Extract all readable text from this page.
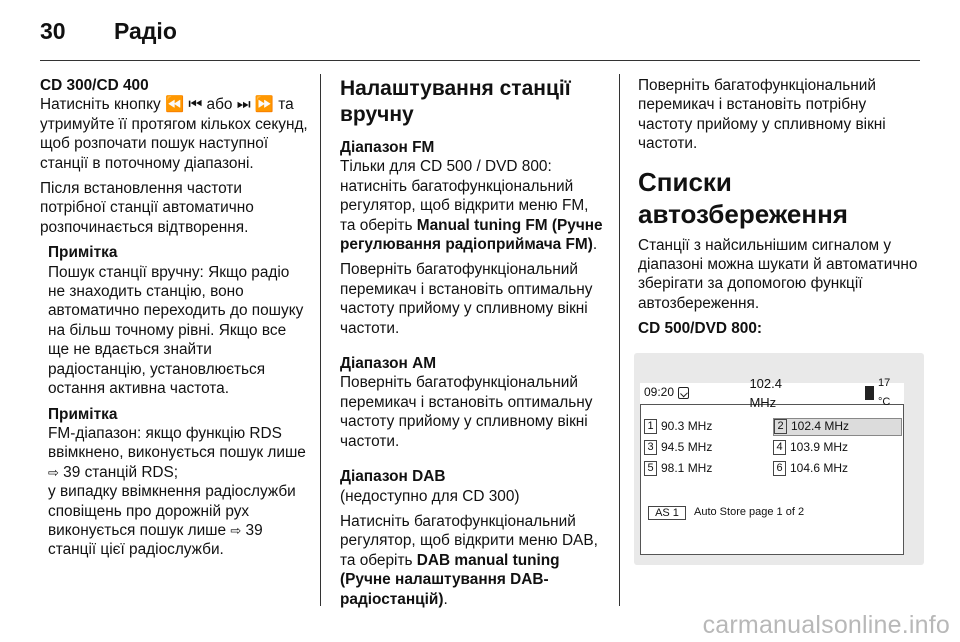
30	Радіо
CD 300/CD 400
Натисніть кнопку ⏪ ⏮ або ⏭ ⏩ та утримуйте її протягом кількох секунд, щоб розпочати пошук наступної станції в поточному діапазоні.
Після встановлення частоти потрібної станції автоматично розпочинається відтворення.
Примітка
Пошук станції вручну: Якщо радіо не знаходить станцію, воно автоматично переходить до пошуку на більш точному рівні. Якщо все ще не вдається знайти радіостанцію, установлюється остання активна частота.
Примітка
FM-діапазон: якщо функцію RDS ввімкнено, виконується пошук лише ⇨ 39 станцій RDS;
у випадку ввімкнення радіослужби сповіщень про дорожній рух виконується пошук лише ⇨ 39 станції цієї радіослужби.
Налаштування станції вручну
Діапазон FM
Тільки для CD 500 / DVD 800: натисніть багатофункціональний регулятор, щоб відкрити меню FM, та оберіть Manual tuning FM (Ручне регулювання радіоприймача FM).
Поверніть багатофункціональний перемикач і встановіть оптимальну частоту прийому у спливному вікні частоти.
Діапазон AM
Поверніть багатофункціональний перемикач і встановіть оптимальну частоту прийому у спливному вікні частоти.
Діапазон DAB
(недоступно для CD 300)
Натисніть багатофункціональний регулятор, щоб відкрити меню DAB, та оберіть DAB manual tuning (Ручне налаштування DAB-радіостанцій).
Поверніть багатофункціональний перемикач і встановіть потрібну частоту прийому у спливному вікні частоти.
Списки автозбереження
Станції з найсильнішим сигналом у діапазоні можна шукати й автоматично зберігати за допомогою функції автозбереження.
CD 500/DVD 800:
09:20
102.4 MHz
17 °C
1 90.3 MHz	2 102.4 MHz
3 94.5 MHz	4 103.9 MHz
5 98.1 MHz	6 104.6 MHz
AS 1	Auto Store page 1 of 2
carmanualsonline.info
